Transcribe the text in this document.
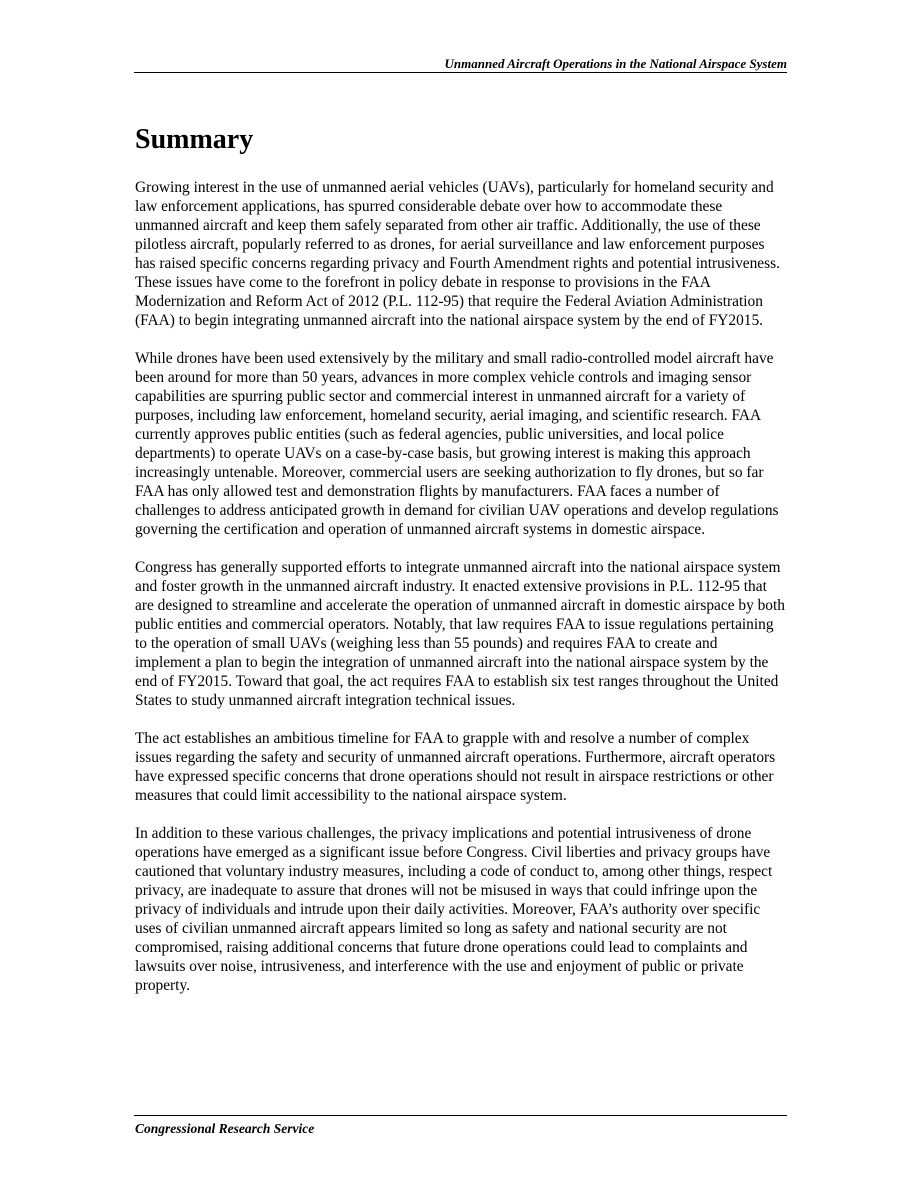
Unmanned Aircraft Operations in the National Airspace System
Summary

Growing interest in the use of unmanned aerial vehicles (UAVs), particularly for homeland security and law enforcement applications, has spurred considerable debate over how to accommodate these unmanned aircraft and keep them safely separated from other air traffic. Additionally, the use of these pilotless aircraft, popularly referred to as drones, for aerial surveillance and law enforcement purposes has raised specific concerns regarding privacy and Fourth Amendment rights and potential intrusiveness. These issues have come to the forefront in policy debate in response to provisions in the FAA Modernization and Reform Act of 2012 (P.L. 112-95) that require the Federal Aviation Administration (FAA) to begin integrating unmanned aircraft into the national airspace system by the end of FY2015.

While drones have been used extensively by the military and small radio-controlled model aircraft have been around for more than 50 years, advances in more complex vehicle controls and imaging sensor capabilities are spurring public sector and commercial interest in unmanned aircraft for a variety of purposes, including law enforcement, homeland security, aerial imaging, and scientific research. FAA currently approves public entities (such as federal agencies, public universities, and local police departments) to operate UAVs on a case-by-case basis, but growing interest is making this approach increasingly untenable. Moreover, commercial users are seeking authorization to fly drones, but so far FAA has only allowed test and demonstration flights by manufacturers. FAA faces a number of challenges to address anticipated growth in demand for civilian UAV operations and develop regulations governing the certification and operation of unmanned aircraft systems in domestic airspace.

Congress has generally supported efforts to integrate unmanned aircraft into the national airspace system and foster growth in the unmanned aircraft industry. It enacted extensive provisions in P.L. 112-95 that are designed to streamline and accelerate the operation of unmanned aircraft in domestic airspace by both public entities and commercial operators. Notably, that law requires FAA to issue regulations pertaining to the operation of small UAVs (weighing less than 55 pounds) and requires FAA to create and implement a plan to begin the integration of unmanned aircraft into the national airspace system by the end of FY2015. Toward that goal, the act requires FAA to establish six test ranges throughout the United States to study unmanned aircraft integration technical issues.

The act establishes an ambitious timeline for FAA to grapple with and resolve a number of complex issues regarding the safety and security of unmanned aircraft operations. Furthermore, aircraft operators have expressed specific concerns that drone operations should not result in airspace restrictions or other measures that could limit accessibility to the national airspace system.

In addition to these various challenges, the privacy implications and potential intrusiveness of drone operations have emerged as a significant issue before Congress. Civil liberties and privacy groups have cautioned that voluntary industry measures, including a code of conduct to, among other things, respect privacy, are inadequate to assure that drones will not be misused in ways that could infringe upon the privacy of individuals and intrude upon their daily activities. Moreover, FAA’s authority over specific uses of civilian unmanned aircraft appears limited so long as safety and national security are not compromised, raising additional concerns that future drone operations could lead to complaints and lawsuits over noise, intrusiveness, and interference with the use and enjoyment of public or private property.

Congressional Research Service
